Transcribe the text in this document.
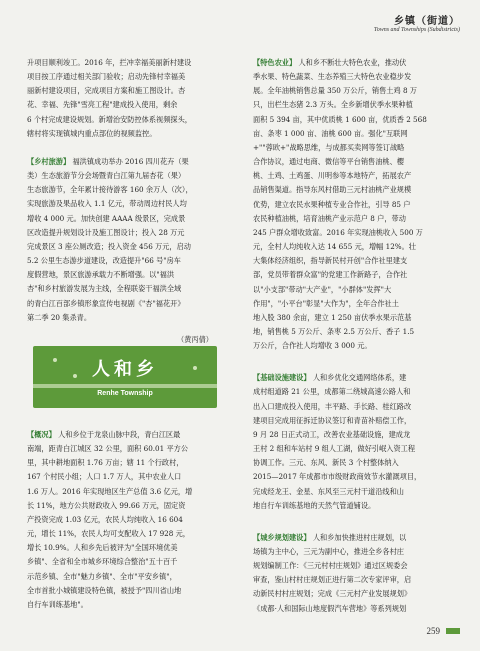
乡镇（街道）
Towns and Townships (Subdistricts)
升项目顺利竣工。2016 年，拦冲幸福美丽新村建设
项目按工序通过相关部门验收；启动先锋村幸福美
丽新村建设项目，完成项目方案和施工图设计。杏
花、幸福、先锋"雪亮工程"建成投入使用，剩余
6 个村完成建设规划。新增治安防控体系视频探头，
辖村将实现镇城内重点部位的视频监控。
【乡村旅游】 福洪镇成功举办 2016 四川花卉（果
类）生态旅游节分会场暨青白江第九届杏花（果）
生态旅游节，全年累计接待游客 160 余万人（次），
实现旅游及果品收入 1.1 亿元，带动周边村民人均
增收 4 000 元。加快创建 AAAA 级景区，完成景
区改造提升规划设计及施工图设计；投入 28 万元
完成景区 3 座公厕改造；投入资金 456 万元，启动
5.2 公里生态游步道建设，改造提升"66 号"房车
度假营地，景区旅游承载力不断增强。以"福洪
杏"和乡村旅游发展为主线，全程联姿干福洪全域
的青白江百部乡镇形象宣传电视剧《"杏"福花开》
第二季 20 集杀青。

（黄丙倩）

人和乡
Renhe Township
【概况】 人和乡位于龙泉山脉中段，青白江区最
南端，距青白江城区 32 公里，面积 60.01 平方公
里，其中耕地面积 1.76 万亩；辖 11 个行政村，
167 个村民小组；人口 1.7 万人，其中农业人口
1.6 万人。2016 年实现地区生产总值 3.6 亿元，增
长 11%，地方公共财政收入 99.66 万元，固定资
产投资完成 1.03 亿元，农民人均纯收入 16 604
元，增长 11%，农民人均可支配收入 17 928 元，
增长 10.9%。人和乡先后被评为"全国环境优美
乡镇"、全省和全市城乡环境综合整治"五十百千
示范乡镇、全市"魅力乡镇"、全市"平安乡镇"，
全市首批小城镇建设特色镇，被授予"四川省山地
自行车训练基地"。
【特色农业】 人和乡不断壮大特色农业，推动伏
季水果、特色蔬菜、生态养殖三大特色农业稳步发
展。全年油桃销售总量 350 万公斤，销售土鸡 8 万
只，出栏生态猪 2.3 万头。全乡新增伏季水果种植
面积 5 394 亩，其中优质桃 1 600 亩，优质香 2 568
亩、条枣 1 000 亩、油桃 600 亩。强化"互联网
+""蓉欧+"战略思维，与成都买卖网等签订战略
合作协议，通过电商、微信等平台销售油桃、樱
桃、土鸡、土鸡蛋、川明参等本地特产，拓展农产
品销售渠道。指导东风村借助三元村油桃产业规模
优势，建立农民水果种植专业合作社，引导 85 户
农民种植油桃，培育油桃产业示范户 8 户，带动
245 户群众增收致富。2016 年实现油桃收入 500 万
元，全村人均纯收入达 14 655 元，增幅 12%。壮
大集体经济组织，指导新民村开创"合作社里建支
部，党员带着群众富"的党建工作新路子，合作社
以"小支部"带动"大产业"，"小群体"发挥"大
作用"，"小平台"彰显"大作为"，全年合作社土
地入股 380 余亩，建立 1 250 亩伏季水果示范基
地，销售桃 5 万公斤、条枣 2.5 万公斤、香子 1.5
万公斤，合作社人均增收 3 000 元。
【基础设施建设】 人和乡优化交通网络体系，建
成村组道路 21 公里，成都第二绕城高速公路人和
出入口建成投入使用，丰平路、手长路、桂红路改
建项目完成用征拆迁协议签订和青苗补赔偿工作，
9 月 28 日正式动工，改善农业基础设施，建成龙
王村 2 组和车站村 9 组人工湖，做好引岷入资工程
协调工作。三元、东风、新民 3 个村整体纳入
2015—2017 年成都市市级财政商效节水灌溉项目，
完成经龙王、金星、东风至三元村干道沿线和山
地自行车训练基地的天然气管道铺设。
【城乡规划建设】 人和乡加快推进村庄规划，以
场镇为主中心，三元为副中心，推进全乡各村庄
规划编制工作：《三元村村庄规划》通过区规委会
审查，鉴山村村庄规划正进行第二次专家评审，启
动新民村村庄规划；完成《三元村产业发展规划》
《成都·人和国际山地度假汽车营地》等系列规划
259
